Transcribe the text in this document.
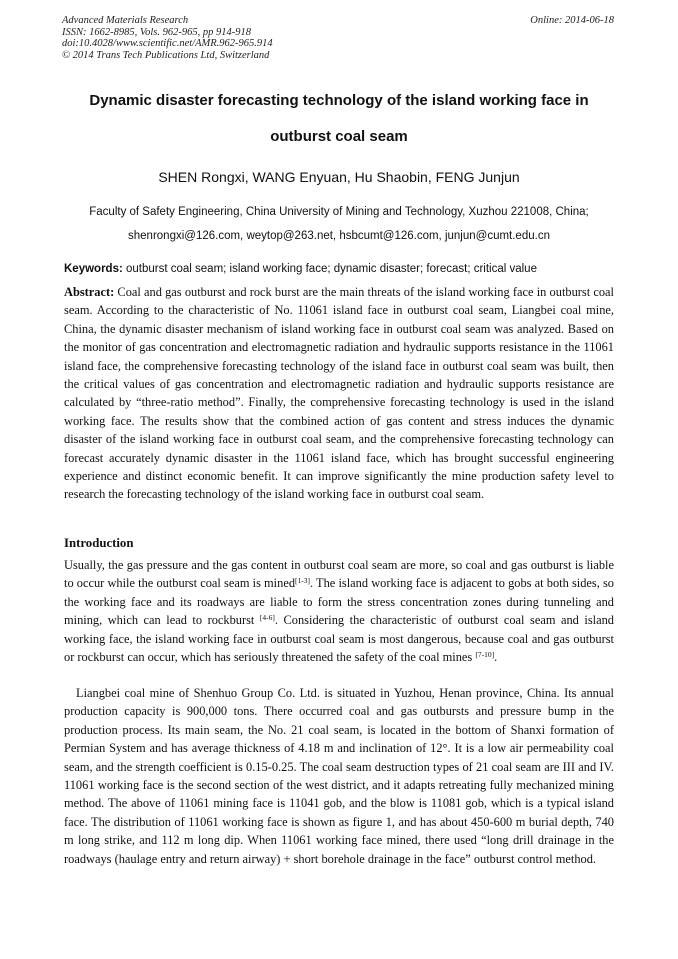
Advanced Materials Research
ISSN: 1662-8985, Vols. 962-965, pp 914-918
doi:10.4028/www.scientific.net/AMR.962-965.914
© 2014 Trans Tech Publications Ltd, Switzerland
Online: 2014-06-18
Dynamic disaster forecasting technology of the island working face in
outburst coal seam
SHEN Rongxi, WANG Enyuan, Hu Shaobin, FENG Junjun
Faculty of Safety Engineering, China University of Mining and Technology, Xuzhou 221008, China;
shenrongxi@126.com, weytop@263.net, hsbcumt@126.com, junjun@cumt.edu.cn
Keywords: outburst coal seam; island working face; dynamic disaster; forecast; critical value
Abstract: Coal and gas outburst and rock burst are the main threats of the island working face in outburst coal seam. According to the characteristic of No. 11061 island face in outburst coal seam, Liangbei coal mine, China, the dynamic disaster mechanism of island working face in outburst coal seam was analyzed. Based on the monitor of gas concentration and electromagnetic radiation and hydraulic supports resistance in the 11061 island face, the comprehensive forecasting technology of the island face in outburst coal seam was built, then the critical values of gas concentration and electromagnetic radiation and hydraulic supports resistance are calculated by “three-ratio method”. Finally, the comprehensive forecasting technology is used in the island working face. The results show that the combined action of gas content and stress induces the dynamic disaster of the island working face in outburst coal seam, and the comprehensive forecasting technology can forecast accurately dynamic disaster in the 11061 island face, which has brought successful engineering experience and distinct economic benefit. It can improve significantly the mine production safety level to research the forecasting technology of the island working face in outburst coal seam.
Introduction
Usually, the gas pressure and the gas content in outburst coal seam are more, so coal and gas outburst is liable to occur while the outburst coal seam is mined[1-3]. The island working face is adjacent to gobs at both sides, so the working face and its roadways are liable to form the stress concentration zones during tunneling and mining, which can lead to rockburst [4-6]. Considering the characteristic of outburst coal seam and island working face, the island working face in outburst coal seam is most dangerous, because coal and gas outburst or rockburst can occur, which has seriously threatened the safety of the coal mines [7-10].
Liangbei coal mine of Shenhuo Group Co. Ltd. is situated in Yuzhou, Henan province, China. Its annual production capacity is 900,000 tons. There occurred coal and gas outbursts and pressure bump in the production process. Its main seam, the No. 21 coal seam, is located in the bottom of Shanxi formation of Permian System and has average thickness of 4.18 m and inclination of 12°. It is a low air permeability coal seam, and the strength coefficient is 0.15-0.25. The coal seam destruction types of 21 coal seam are III and IV. 11061 working face is the second section of the west district, and it adapts retreating fully mechanized mining method. The above of 11061 mining face is 11041 gob, and the blow is 11081 gob, which is a typical island face. The distribution of 11061 working face is shown as figure 1, and has about 450-600 m burial depth, 740 m long strike, and 112 m long dip. When 11061 working face mined, there used “long drill drainage in the roadways (haulage entry and return airway) + short borehole drainage in the face” outburst control method.
